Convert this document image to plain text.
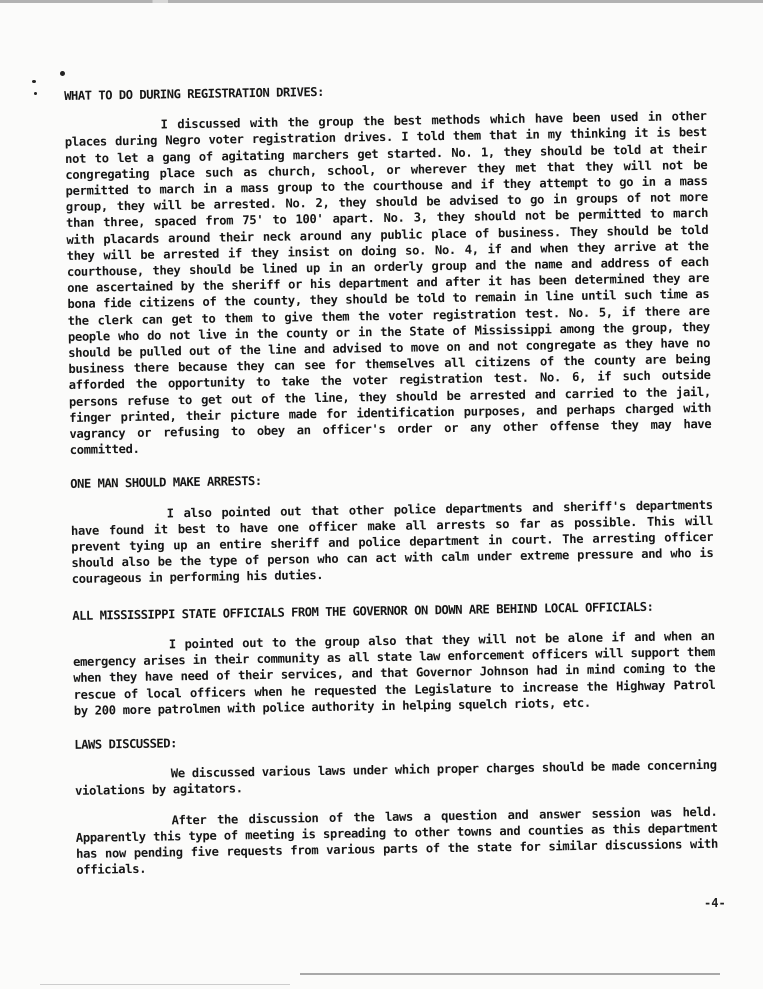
WHAT TO DO DURING REGISTRATION DRIVES:

I discussed with the group the best methods which have been used in other places during Negro voter registration drives. I told them that in my thinking it is best not to let a gang of agitating marchers get started. No. 1, they should be told at their congregating place such as church, school, or wherever they met that they will not be permitted to march in a mass group to the courthouse and if they attempt to go in a mass group, they will be arrested. No. 2, they should be advised to go in groups of not more than three, spaced from 75' to 100' apart. No. 3, they should not be permitted to march with placards around their neck around any public place of business. They should be told they will be arrested if they insist on doing so. No. 4, if and when they arrive at the courthouse, they should be lined up in an orderly group and the name and address of each one ascertained by the sheriff or his department and after it has been determined they are bona fide citizens of the county, they should be told to remain in line until such time as the clerk can get to them to give them the voter registration test. No. 5, if there are people who do not live in the county or in the State of Mississippi among the group, they should be pulled out of the line and advised to move on and not congregate as they have no business there because they can see for themselves all citizens of the county are being afforded the opportunity to take the voter registration test. No. 6, if such outside persons refuse to get out of the line, they should be arrested and carried to the jail, finger printed, their picture made for identification purposes, and perhaps charged with vagrancy or refusing to obey an officer's order or any other offense they may have committed.

ONE MAN SHOULD MAKE ARRESTS:

I also pointed out that other police departments and sheriff's departments have found it best to have one officer make all arrests so far as possible. This will prevent tying up an entire sheriff and police department in court. The arresting officer should also be the type of person who can act with calm under extreme pressure and who is courageous in performing his duties.

ALL MISSISSIPPI STATE OFFICIALS FROM THE GOVERNOR ON DOWN ARE BEHIND LOCAL OFFICIALS:

I pointed out to the group also that they will not be alone if and when an emergency arises in their community as all state law enforcement officers will support them when they have need of their services, and that Governor Johnson had in mind coming to the rescue of local officers when he requested the Legislature to increase the Highway Patrol by 200 more patrolmen with police authority in helping squelch riots, etc.

LAWS DISCUSSED:

We discussed various laws under which proper charges should be made concerning violations by agitators.

After the discussion of the laws a question and answer session was held. Apparently this type of meeting is spreading to other towns and counties as this department has now pending five requests from various parts of the state for similar discussions with officials.

-4-
